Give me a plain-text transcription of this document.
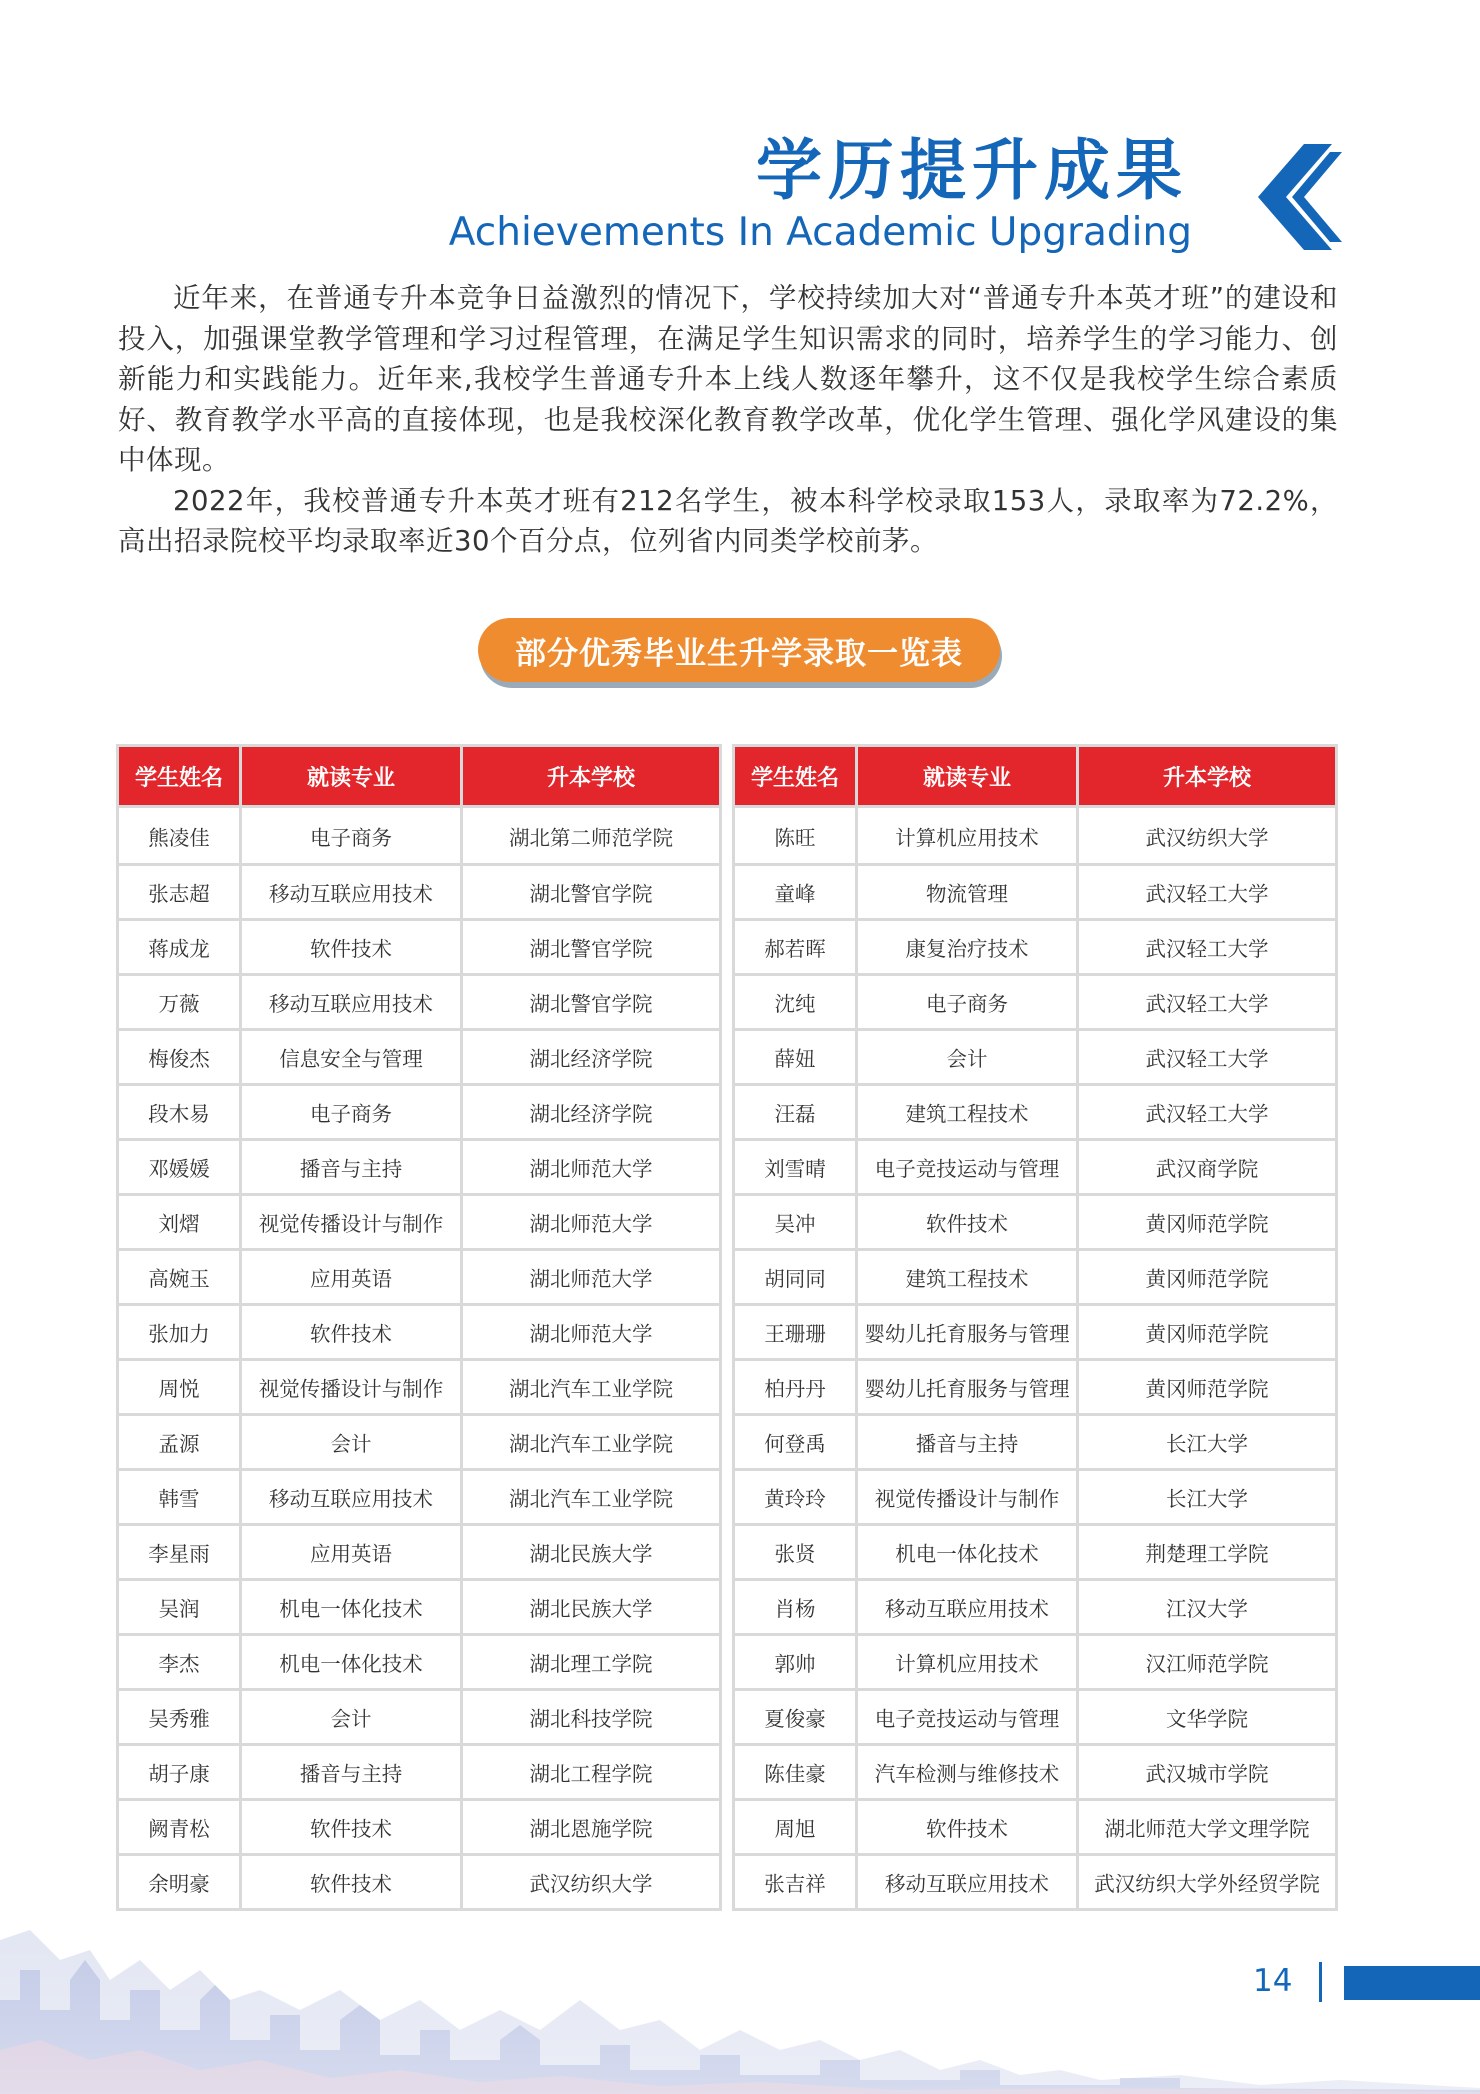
学历提升成果
Achievements In Academic Upgrading

近年来，在普通专升本竞争日益激烈的情况下，学校持续加大对“普通专升本英才班”的建设和投入，加强课堂教学管理和学习过程管理，在满足学生知识需求的同时，培养学生的学习能力、创新能力和实践能力。近年来,我校学生普通专升本上线人数逐年攀升，这不仅是我校学生综合素质好、教育教学水平高的直接体现，也是我校深化教育教学改革，优化学生管理、强化学风建设的集中体现。

2022年，我校普通专升本英才班有212名学生，被本科学校录取153人，录取率为72.2%，高出招录院校平均录取率近30个百分点，位列省内同类学校前茅。

部分优秀毕业生升学录取一览表
学生姓名	就读专业	升本学校
熊凌佳	电子商务	湖北第二师范学院
张志超	移动互联应用技术	湖北警官学院
蒋成龙	软件技术	湖北警官学院
万薇	移动互联应用技术	湖北警官学院
梅俊杰	信息安全与管理	湖北经济学院
段木易	电子商务	湖北经济学院
邓媛媛	播音与主持	湖北师范大学
刘熠	视觉传播设计与制作	湖北师范大学
高婉玉	应用英语	湖北师范大学
张加力	软件技术	湖北师范大学
周悦	视觉传播设计与制作	湖北汽车工业学院
孟源	会计	湖北汽车工业学院
韩雪	移动互联应用技术	湖北汽车工业学院
李星雨	应用英语	湖北民族大学
吴润	机电一体化技术	湖北民族大学
李杰	机电一体化技术	湖北理工学院
吴秀雅	会计	湖北科技学院
胡子康	播音与主持	湖北工程学院
阙青松	软件技术	湖北恩施学院
余明豪	软件技术	武汉纺织大学
学生姓名	就读专业	升本学校
陈旺	计算机应用技术	武汉纺织大学
童峰	物流管理	武汉轻工大学
郝若晖	康复治疗技术	武汉轻工大学
沈纯	电子商务	武汉轻工大学
薛妞	会计	武汉轻工大学
汪磊	建筑工程技术	武汉轻工大学
刘雪晴	电子竞技运动与管理	武汉商学院
吴冲	软件技术	黄冈师范学院
胡同同	建筑工程技术	黄冈师范学院
王珊珊	婴幼儿托育服务与管理	黄冈师范学院
柏丹丹	婴幼儿托育服务与管理	黄冈师范学院
何登禹	播音与主持	长江大学
黄玲玲	视觉传播设计与制作	长江大学
张贤	机电一体化技术	荆楚理工学院
肖杨	移动互联应用技术	江汉大学
郭帅	计算机应用技术	汉江师范学院
夏俊豪	电子竞技运动与管理	文华学院
陈佳豪	汽车检测与维修技术	武汉城市学院
周旭	软件技术	湖北师范大学文理学院
张吉祥	移动互联应用技术	武汉纺织大学外经贸学院
14
